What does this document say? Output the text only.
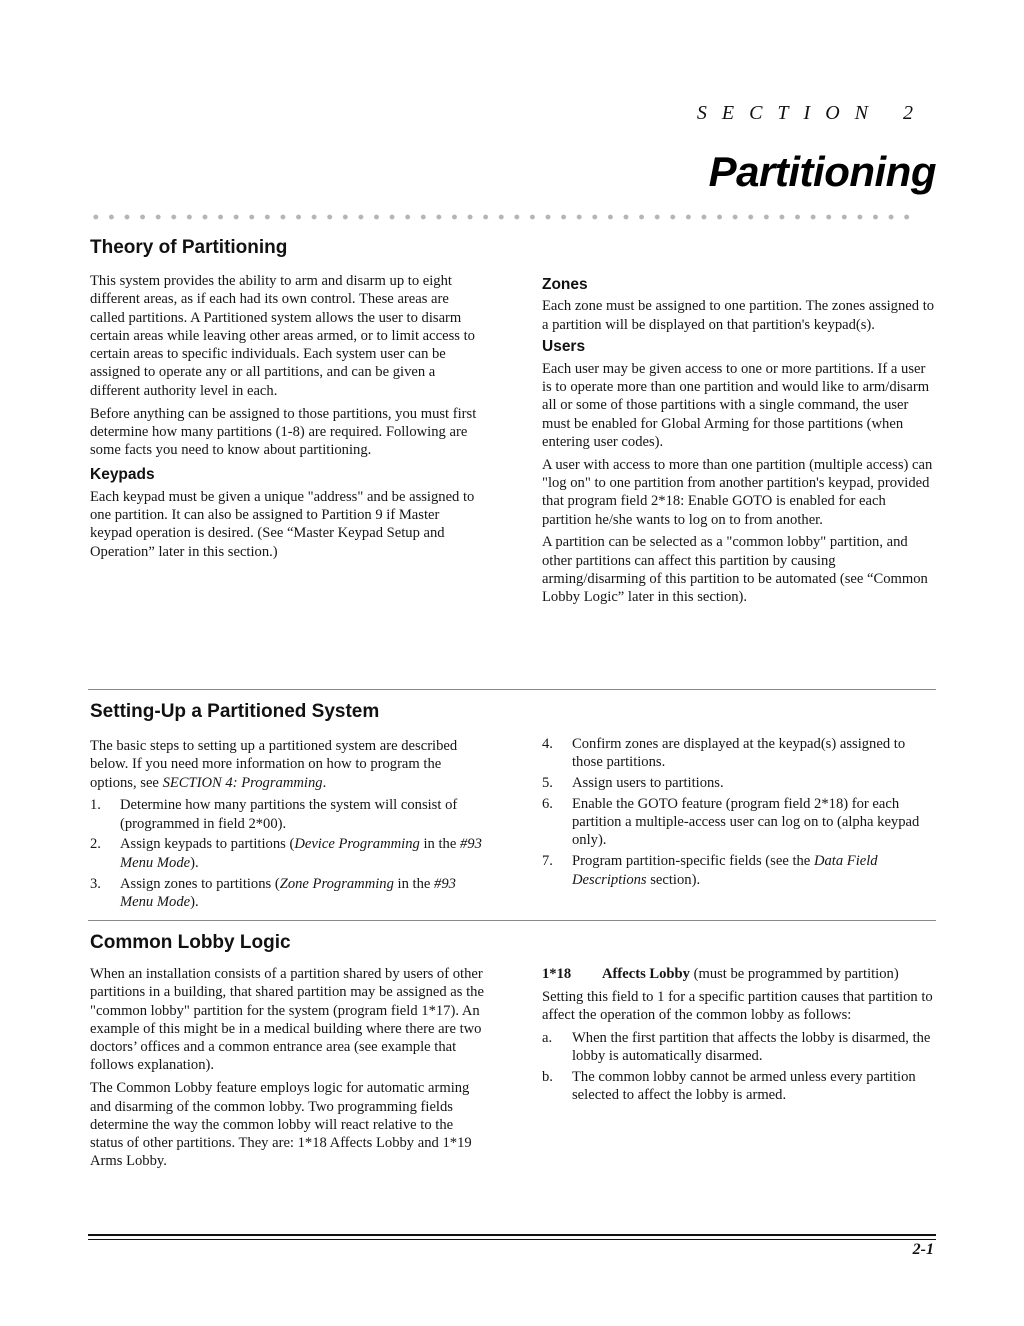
SECTION 2
Partitioning
Theory of Partitioning

This system provides the ability to arm and disarm up to eight different areas, as if each had its own control. These areas are called partitions. A Partitioned system allows the user to disarm certain areas while leaving other areas armed, or to limit access to certain areas to specific individuals. Each system user can be assigned to operate any or all partitions, and can be given a different authority level in each.

Before anything can be assigned to those partitions, you must first determine how many partitions (1-8) are required. Following are some facts you need to know about partitioning.

Keypads

Each keypad must be given a unique "address" and be assigned to one partition. It can also be assigned to Partition 9 if Master keypad operation is desired. (See “Master Keypad Setup and Operation” later in this section.)

Zones

Each zone must be assigned to one partition. The zones assigned to a partition will be displayed on that partition's keypad(s).

Users

Each user may be given access to one or more partitions. If a user is to operate more than one partition and would like to arm/disarm all or some of those partitions with a single command, the user must be enabled for Global Arming for those partitions (when entering user codes).

A user with access to more than one partition (multiple access) can "log on" to one partition from another partition's keypad, provided that program field 2*18: Enable GOTO is enabled for each partition he/she wants to log on to from another.

A partition can be selected as a "common lobby" partition, and other partitions can affect this partition by causing arming/disarming of this partition to be automated (see “Common Lobby Logic” later in this section).

Setting-Up a Partitioned System

The basic steps to setting up a partitioned system are described below. If you need more information on how to program the options, see SECTION 4: Programming.

1. Determine how many partitions the system will consist of (programmed in field 2*00).
2. Assign keypads to partitions (Device Programming in the #93 Menu Mode).
3. Assign zones to partitions (Zone Programming in the #93 Menu Mode).
4. Confirm zones are displayed at the keypad(s) assigned to those partitions.
5. Assign users to partitions.
6. Enable the GOTO feature (program field 2*18) for each partition a multiple-access user can log on to (alpha keypad only).
7. Program partition-specific fields (see the Data Field Descriptions section).
Common Lobby Logic

When an installation consists of a partition shared by users of other partitions in a building, that shared partition may be assigned as the "common lobby" partition for the system (program field 1*17). An example of this might be in a medical building where there are two doctors’ offices and a common entrance area (see example that follows explanation).

The Common Lobby feature employs logic for automatic arming and disarming of the common lobby. Two programming fields determine the way the common lobby will react relative to the status of other partitions. They are: 1*18 Affects Lobby and 1*19 Arms Lobby.

1*18 Affects Lobby (must be programmed by partition)

Setting this field to 1 for a specific partition causes that partition to affect the operation of the common lobby as follows:

a. When the first partition that affects the lobby is disarmed, the lobby is automatically disarmed.
b. The common lobby cannot be armed unless every partition selected to affect the lobby is armed.
2-1
